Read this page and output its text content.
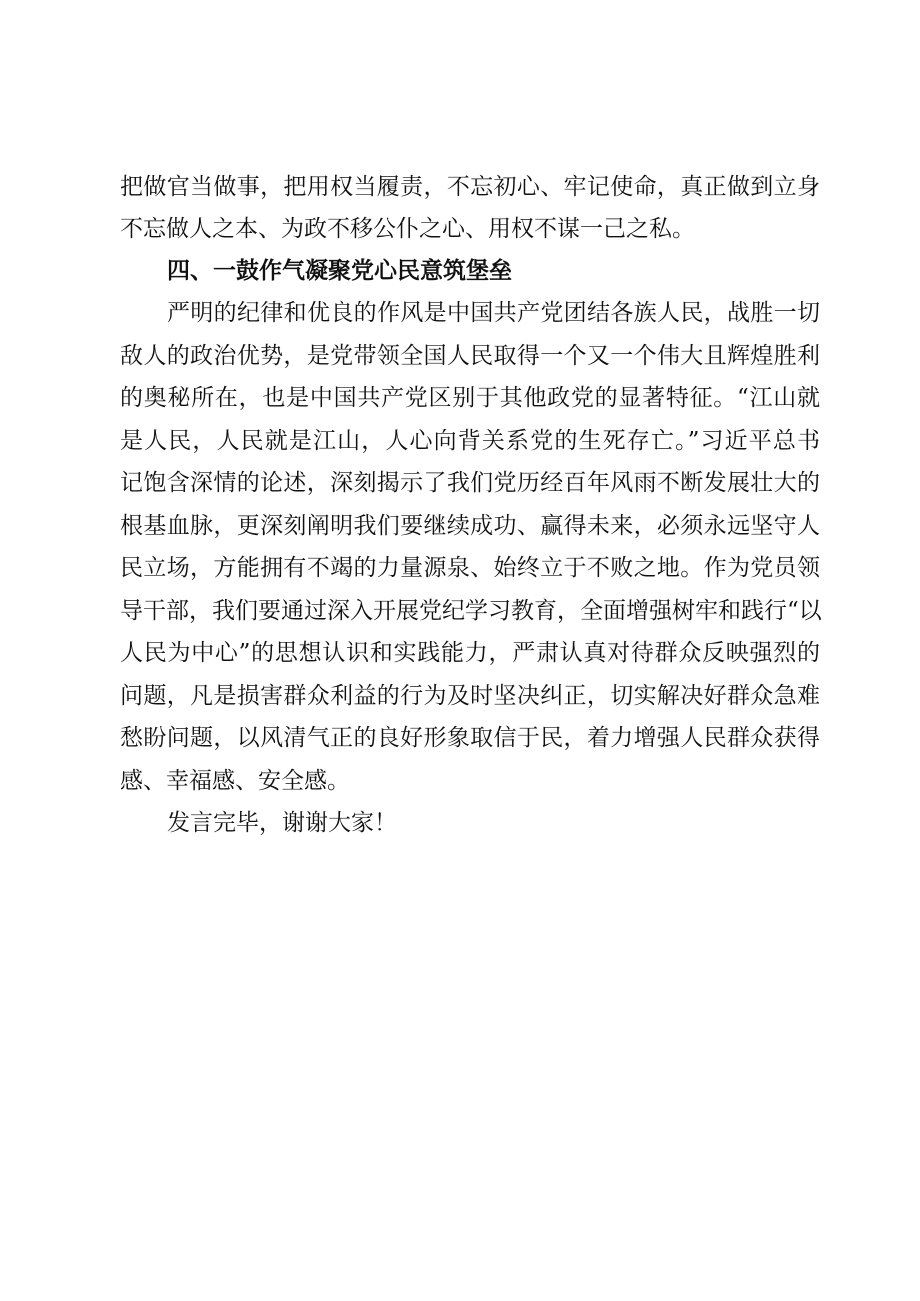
把做官当做事，把用权当履责，不忘初心、牢记使命，真正做到立身
不忘做人之本、为政不移公仆之心、用权不谋一己之私。
四、一鼓作气凝聚党心民意筑堡垒
严明的纪律和优良的作风是中国共产党团结各族人民，战胜一切
敌人的政治优势，是党带领全国人民取得一个又一个伟大且辉煌胜利
的奥秘所在，也是中国共产党区别于其他政党的显著特征。“江山就
是人民，人民就是江山，人心向背关系党的生死存亡。”习近平总书
记饱含深情的论述，深刻揭示了我们党历经百年风雨不断发展壮大的
根基血脉，更深刻阐明我们要继续成功、赢得未来，必须永远坚守人
民立场，方能拥有不竭的力量源泉、始终立于不败之地。作为党员领
导干部，我们要通过深入开展党纪学习教育，全面增强树牢和践行“以
人民为中心”的思想认识和实践能力，严肃认真对待群众反映强烈的
问题，凡是损害群众利益的行为及时坚决纠正，切实解决好群众急难
愁盼问题，以风清气正的良好形象取信于民，着力增强人民群众获得
感、幸福感、安全感。
发言完毕，谢谢大家！
